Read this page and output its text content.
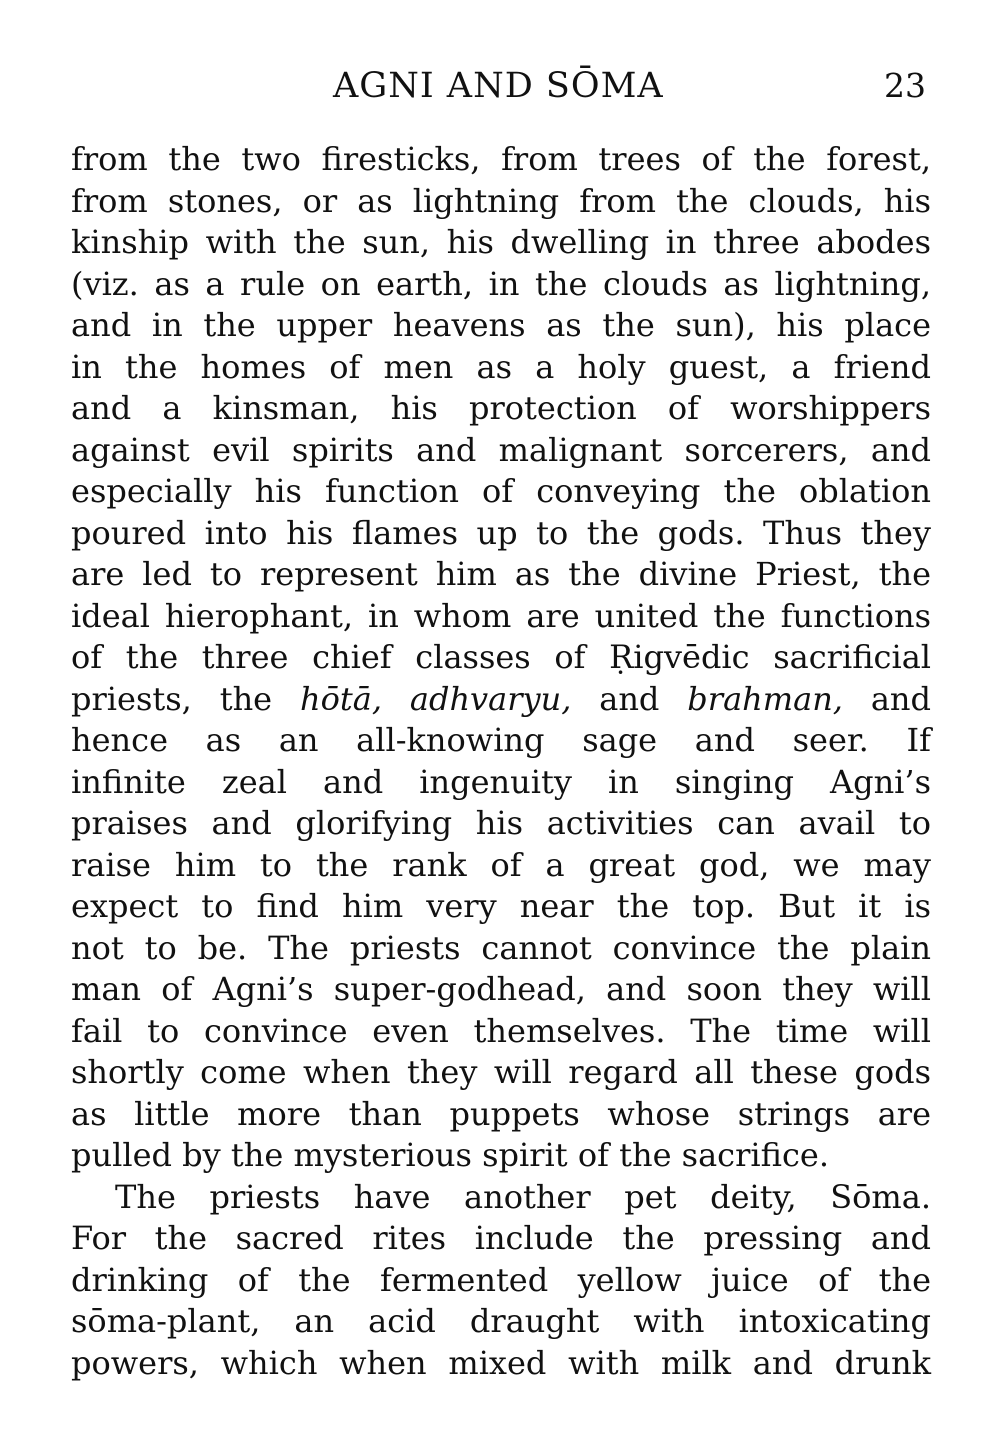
AGNI AND SŌMA	23
from the two firesticks, from trees of the forest,
from stones, or as lightning from the clouds, his
kinship with the sun, his dwelling in three abodes
(viz. as a rule on earth, in the clouds as lightning,
and in the upper heavens as the sun), his place
in the homes of men as a holy guest, a friend
and a kinsman, his protection of worshippers
against evil spirits and malignant sorcerers, and
especially his function of conveying the oblation
poured into his flames up to the gods. Thus they
are led to represent him as the divine Priest, the
ideal hierophant, in whom are united the functions
of the three chief classes of Ṛigvēdic sacrificial
priests, the hōtā, adhvaryu, and brahman, and
hence as an all-knowing sage and seer. If
infinite zeal and ingenuity in singing Agni’s
praises and glorifying his activities can avail to
raise him to the rank of a great god, we may
expect to find him very near the top. But it is
not to be. The priests cannot convince the plain
man of Agni’s super-godhead, and soon they will
fail to convince even themselves. The time will
shortly come when they will regard all these gods
as little more than puppets whose strings are
pulled by the mysterious spirit of the sacrifice.
The priests have another pet deity, Sōma.
For the sacred rites include the pressing and
drinking of the fermented yellow juice of the
sōma-plant, an acid draught with intoxicating
powers, which when mixed with milk and drunk
